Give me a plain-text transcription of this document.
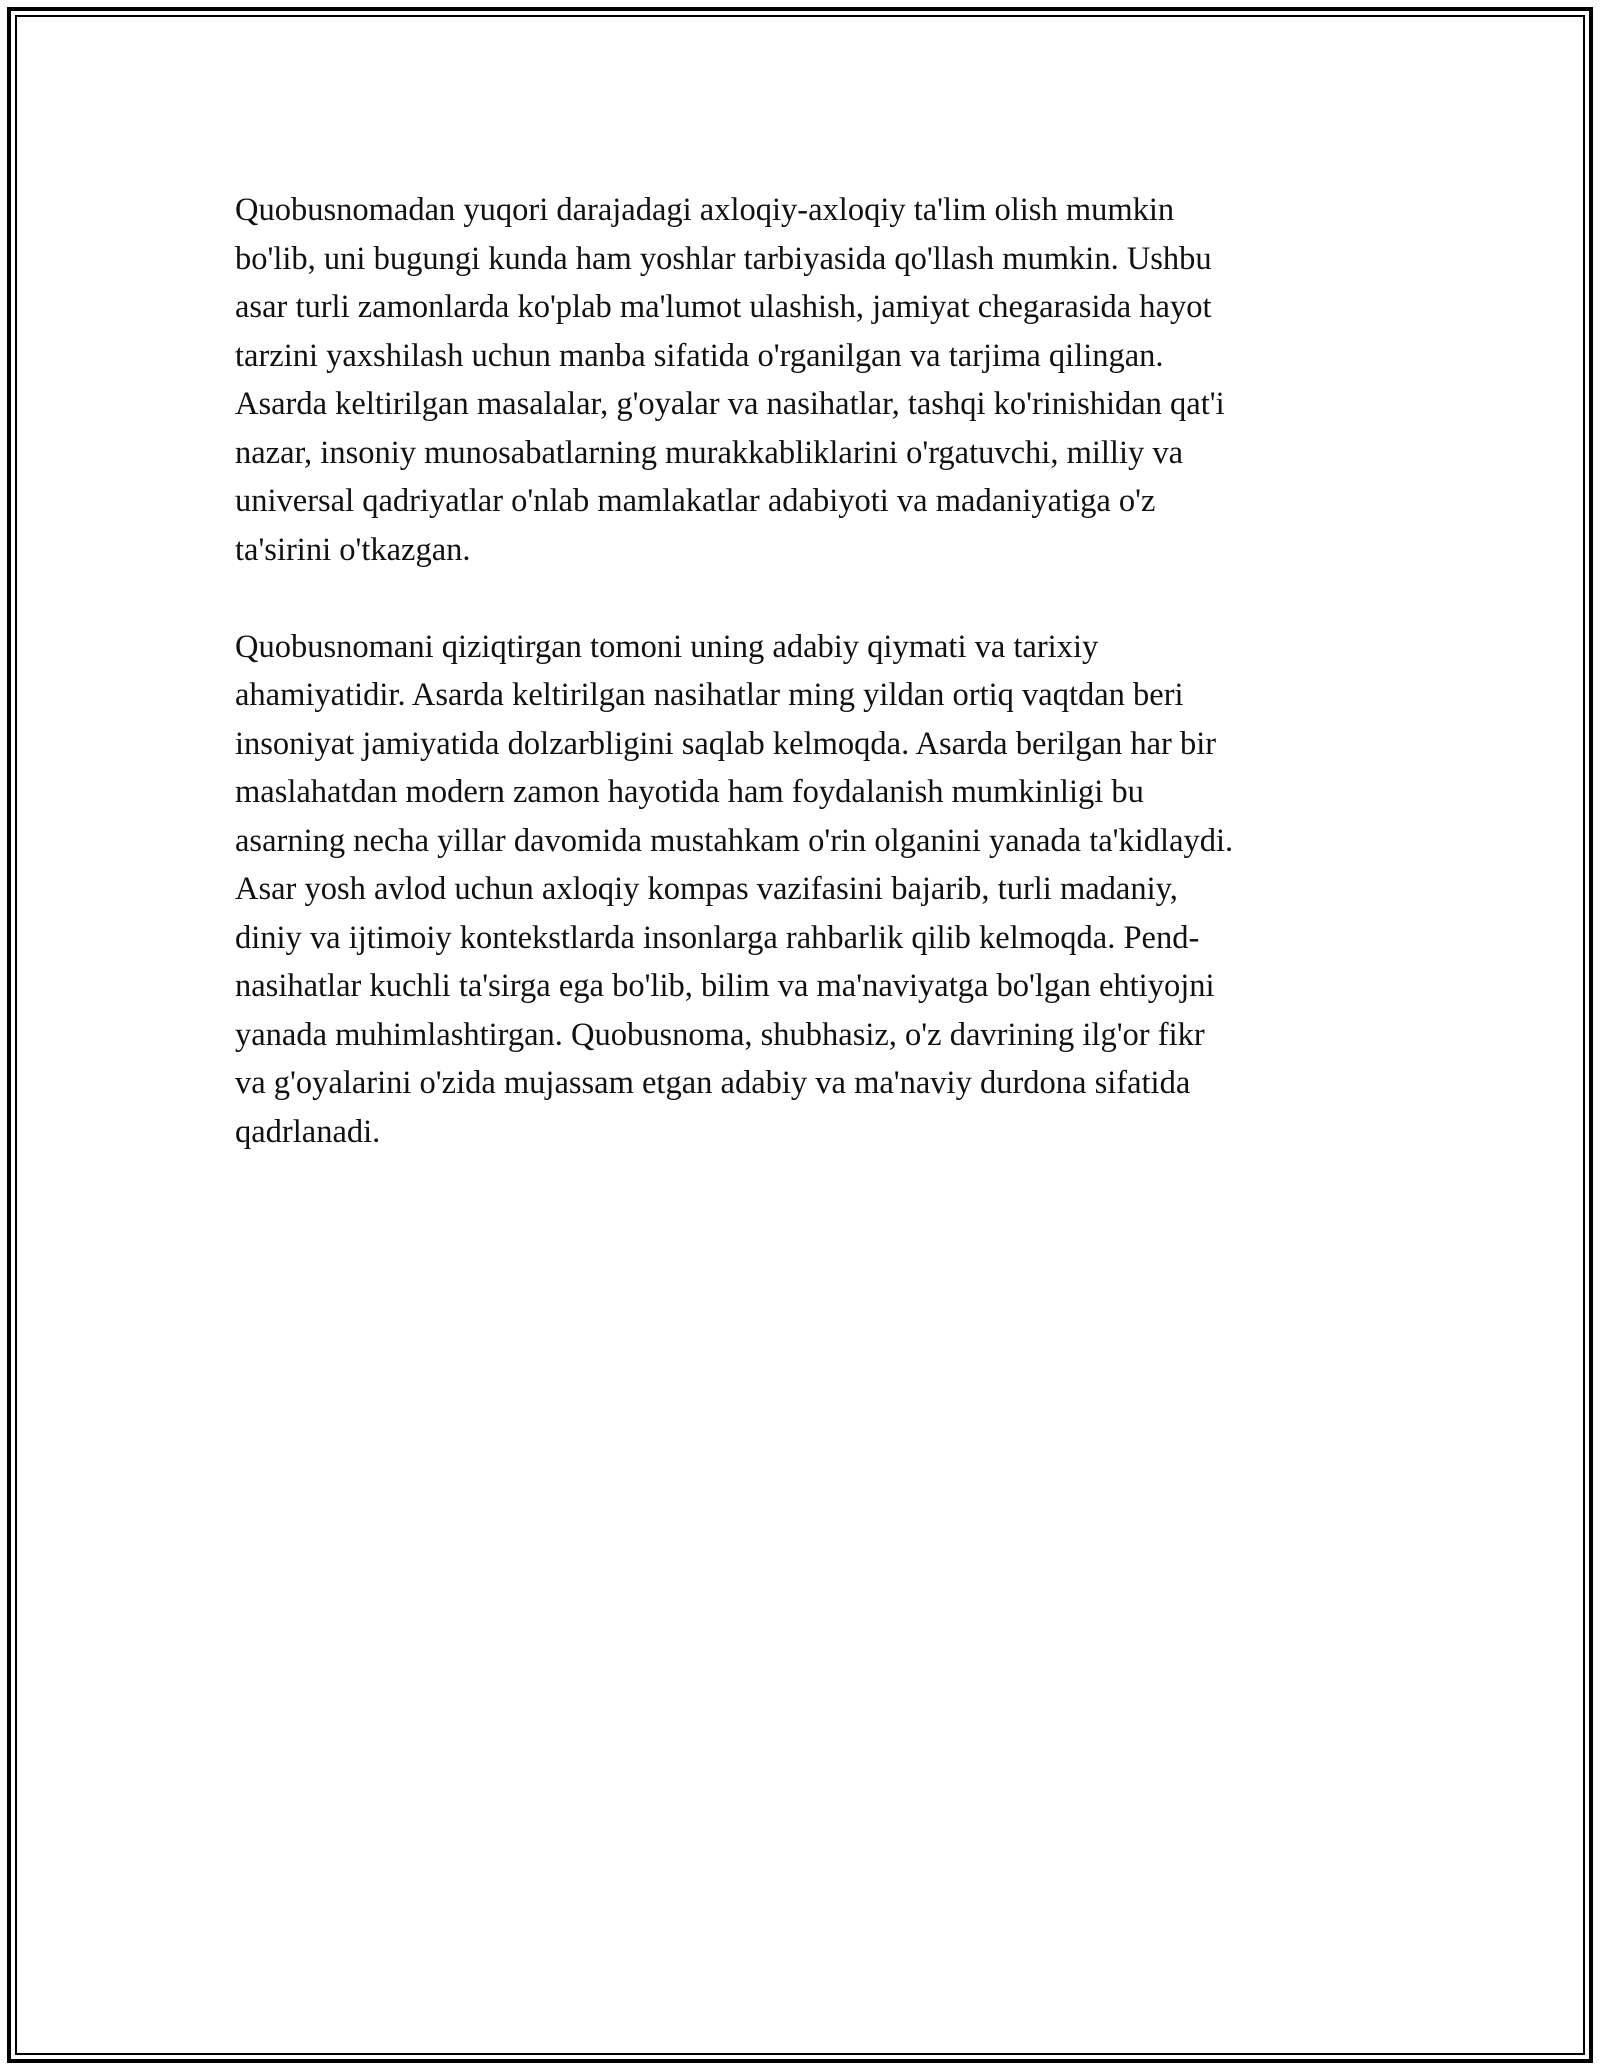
Quobusnomadan yuqori darajadagi axloqiy-axloqiy ta'lim olish mumkin
bo'lib, uni bugungi kunda ham yoshlar tarbiyasida qo'llash mumkin. Ushbu
asar turli zamonlarda ko'plab ma'lumot ulashish, jamiyat chegarasida hayot
tarzini yaxshilash uchun manba sifatida o'rganilgan va tarjima qilingan.
Asarda keltirilgan masalalar, g'oyalar va nasihatlar, tashqi ko'rinishidan qat'i
nazar, insoniy munosabatlarning murakkabliklarini o'rgatuvchi, milliy va
universal qadriyatlar o'nlab mamlakatlar adabiyoti va madaniyatiga o'z
ta'sirini o'tkazgan.

Quobusnomani qiziqtirgan tomoni uning adabiy qiymati va tarixiy
ahamiyatidir. Asarda keltirilgan nasihatlar ming yildan ortiq vaqtdan beri
insoniyat jamiyatida dolzarbligini saqlab kelmoqda. Asarda berilgan har bir
maslahatdan modern zamon hayotida ham foydalanish mumkinligi bu
asarning necha yillar davomida mustahkam o'rin olganini yanada ta'kidlaydi.
Asar yosh avlod uchun axloqiy kompas vazifasini bajarib, turli madaniy,
diniy va ijtimoiy kontekstlarda insonlarga rahbarlik qilib kelmoqda. Pend-
nasihatlar kuchli ta'sirga ega bo'lib, bilim va ma'naviyatga bo'lgan ehtiyojni
yanada muhimlashtirgan. Quobusnoma, shubhasiz, o'z davrining ilg'or fikr
va g'oyalarini o'zida mujassam etgan adabiy va ma'naviy durdona sifatida
qadrlanadi.
